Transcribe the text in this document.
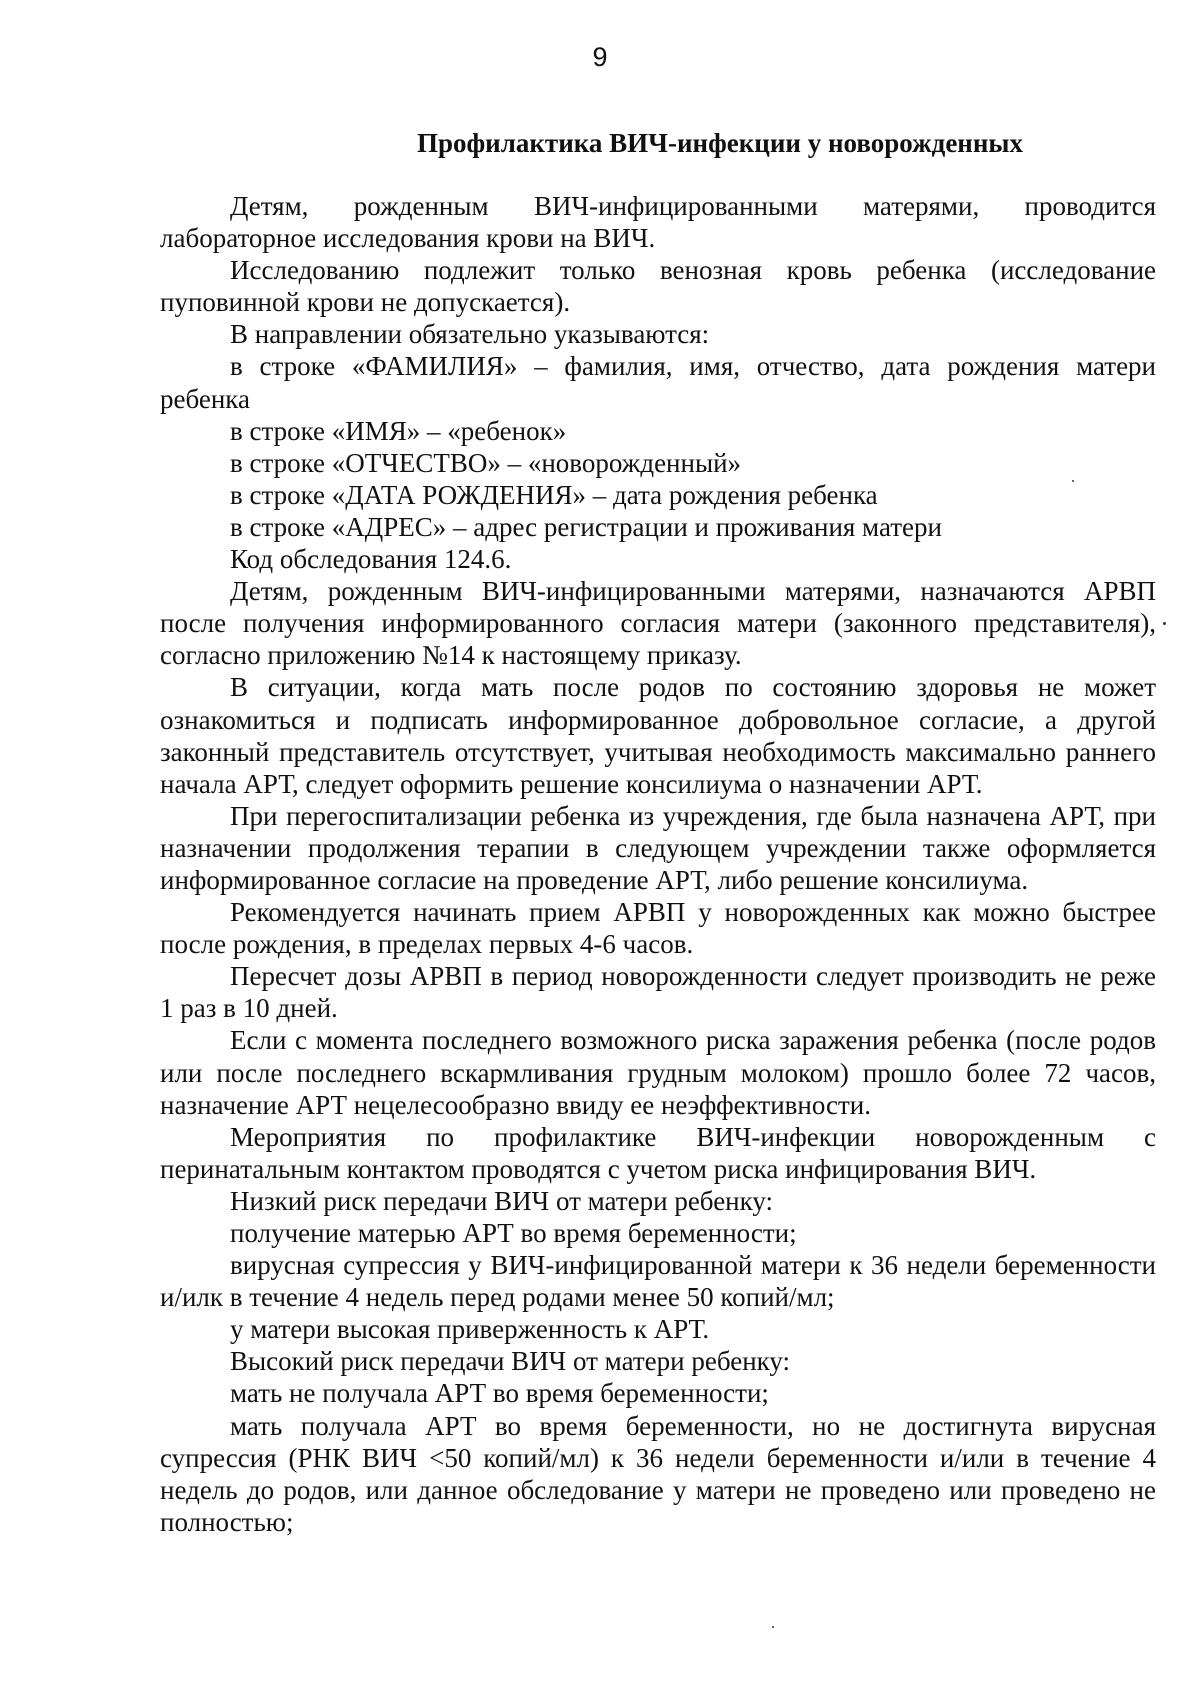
9
Профилактика ВИЧ-инфекции у новорожденных

Детям, рожденным ВИЧ-инфицированными матерями, проводится лабораторное исследования крови на ВИЧ.

Исследованию подлежит только венозная кровь ребенка (исследование пуповинной крови не допускается).

В направлении обязательно указываются:

в строке «ФАМИЛИЯ» – фамилия, имя, отчество, дата рождения матери ребенка

в строке «ИМЯ» – «ребенок»

в строке «ОТЧЕСТВО» – «новорожденный»

в строке «ДАТА РОЖДЕНИЯ» – дата рождения ребенка

в строке «АДРЕС» – адрес регистрации и проживания матери

Код обследования 124.6.

Детям, рожденным ВИЧ-инфицированными матерями, назначаются АРВП после получения информированного согласия матери (законного представителя), согласно приложению №14 к настоящему приказу.

В ситуации, когда мать после родов по состоянию здоровья не может ознакомиться и подписать информированное добровольное согласие, а другой законный представитель отсутствует, учитывая необходимость максимально раннего начала АРТ, следует оформить решение консилиума о назначении АРТ.

При перегоспитализации ребенка из учреждения, где была назначена АРТ, при назначении продолжения терапии в следующем учреждении также оформляется информированное согласие на проведение АРТ, либо решение консилиума.

Рекомендуется начинать прием АРВП у новорожденных как можно быстрее после рождения, в пределах первых 4-6 часов.

Пересчет дозы АРВП в период новорожденности следует производить не реже 1 раз в 10 дней.

Если с момента последнего возможного риска заражения ребенка (после родов или после последнего вскармливания грудным молоком) прошло более 72 часов, назначение АРТ нецелесообразно ввиду ее неэффективности.

Мероприятия по профилактике ВИЧ-инфекции новорожденным с перинатальным контактом проводятся с учетом риска инфицирования ВИЧ.

Низкий риск передачи ВИЧ от матери ребенку:

получение матерью АРТ во время беременности;

вирусная супрессия у ВИЧ-инфицированной матери к 36 недели беременности и/илк в течение 4 недель перед родами менее 50 копий/мл;

у матери высокая приверженность к АРТ.

Высокий риск передачи ВИЧ от матери ребенку:

мать не получала АРТ во время беременности;

мать получала АРТ во время беременности, но не достигнута вирусная супрессия (РНК ВИЧ <50 копий/мл) к 36 недели беременности и/или в течение 4 недель до родов, или данное обследование у матери не проведено или проведено не полностью;
